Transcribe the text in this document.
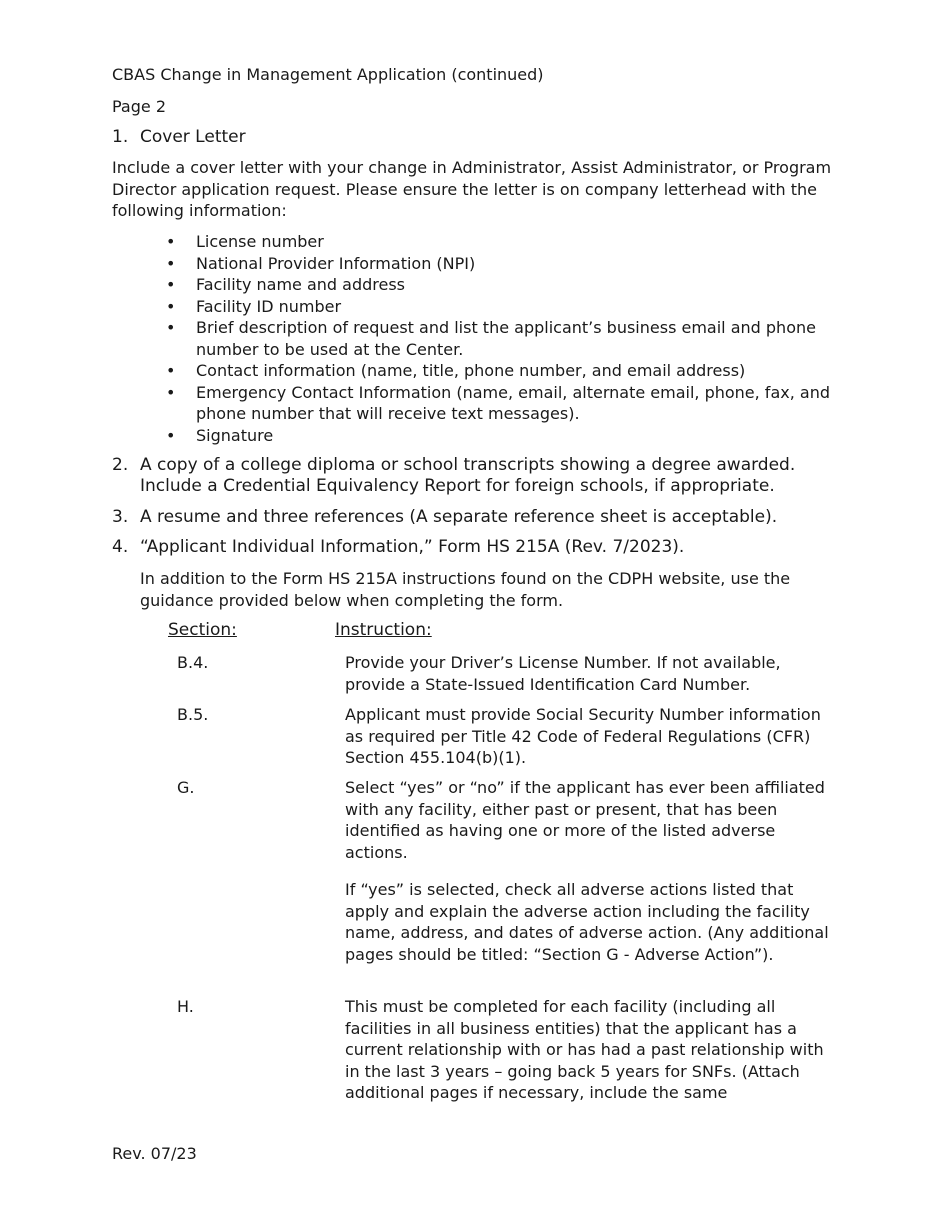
CBAS Change in Management Application (continued)
Page 2
1. Cover Letter
Include a cover letter with your change in Administrator, Assist Administrator, or Program Director application request. Please ensure the letter is on company letterhead with the following information:
• License number
• National Provider Information (NPI)
• Facility name and address
• Facility ID number
• Brief description of request and list the applicant’s business email and phone number to be used at the Center.
• Contact information (name, title, phone number, and email address)
• Emergency Contact Information (name, email, alternate email, phone, fax, and phone number that will receive text messages).
• Signature
2. A copy of a college diploma or school transcripts showing a degree awarded. Include a Credential Equivalency Report for foreign schools, if appropriate.
3. A resume and three references (A separate reference sheet is acceptable).
4. “Applicant Individual Information,” Form HS 215A (Rev. 7/2023).
In addition to the Form HS 215A instructions found on the CDPH website, use the guidance provided below when completing the form.
Section:	Instruction:
B.4.	Provide your Driver’s License Number. If not available, provide a State-Issued Identification Card Number.
B.5.	Applicant must provide Social Security Number information as required per Title 42 Code of Federal Regulations (CFR) Section 455.104(b)(1).
G.	Select “yes” or “no” if the applicant has ever been affiliated with any facility, either past or present, that has been identified as having one or more of the listed adverse actions.
If “yes” is selected, check all adverse actions listed that apply and explain the adverse action including the facility name, address, and dates of adverse action. (Any additional pages should be titled: “Section G - Adverse Action”).
H.	This must be completed for each facility (including all facilities in all business entities) that the applicant has a current relationship with or has had a past relationship with in the last 3 years – going back 5 years for SNFs. (Attach additional pages if necessary, include the same
Rev. 07/23
